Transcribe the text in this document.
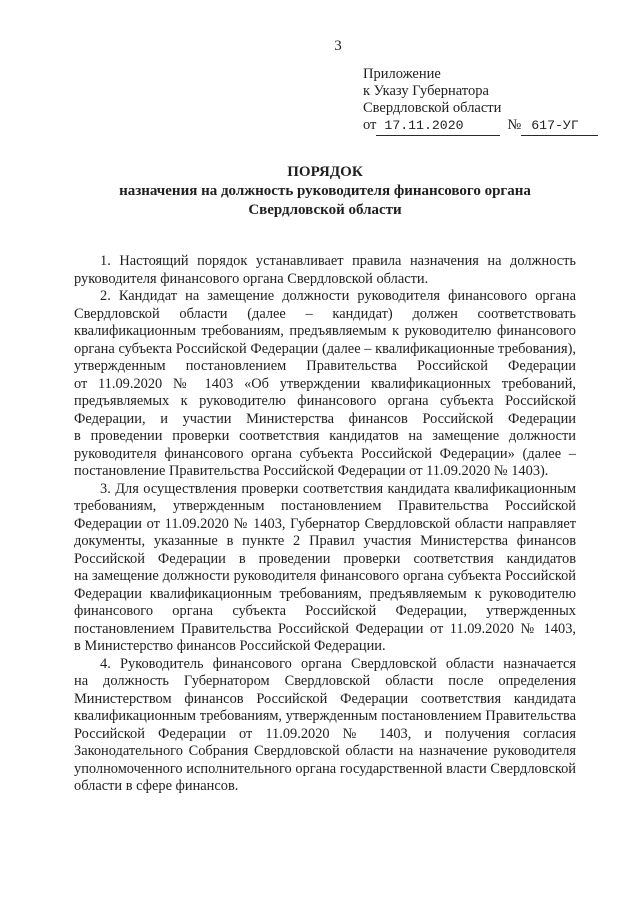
3
Приложение
к Указу Губернатора
Свердловской области
от 17.11.2020	№ 617-УГ
ПОРЯДОК
назначения на должность руководителя финансового органа
Свердловской области

1. Настоящий порядок устанавливает правила назначения на должность руководителя финансового органа Свердловской области.

2. Кандидат на замещение должности руководителя финансового органа Свердловской области (далее – кандидат) должен соответствовать квалификационным требованиям, предъявляемым к руководителю финансового органа субъекта Российской Федерации (далее – квалификационные требования), утвержденным постановлением Правительства Российской Федерации от 11.09.2020 № 1403 «Об утверждении квалификационных требований, предъявляемых к руководителю финансового органа субъекта Российской Федерации, и участии Министерства финансов Российской Федерации в проведении проверки соответствия кандидатов на замещение должности руководителя финансового органа субъекта Российской Федерации» (далее – постановление Правительства Российской Федерации от 11.09.2020 № 1403).

3. Для осуществления проверки соответствия кандидата квалификационным требованиям, утвержденным постановлением Правительства Российской Федерации от 11.09.2020 № 1403, Губернатор Свердловской области направляет документы, указанные в пункте 2 Правил участия Министерства финансов Российской Федерации в проведении проверки соответствия кандидатов на замещение должности руководителя финансового органа субъекта Российской Федерации квалификационным требованиям, предъявляемым к руководителю финансового органа субъекта Российской Федерации, утвержденных постановлением Правительства Российской Федерации от 11.09.2020 № 1403, в Министерство финансов Российской Федерации.

4. Руководитель финансового органа Свердловской области назначается на должность Губернатором Свердловской области после определения Министерством финансов Российской Федерации соответствия кандидата квалификационным требованиям, утвержденным постановлением Правительства Российской Федерации от 11.09.2020 № 1403, и получения согласия Законодательного Собрания Свердловской области на назначение руководителя уполномоченного исполнительного органа государственной власти Свердловской области в сфере финансов.
